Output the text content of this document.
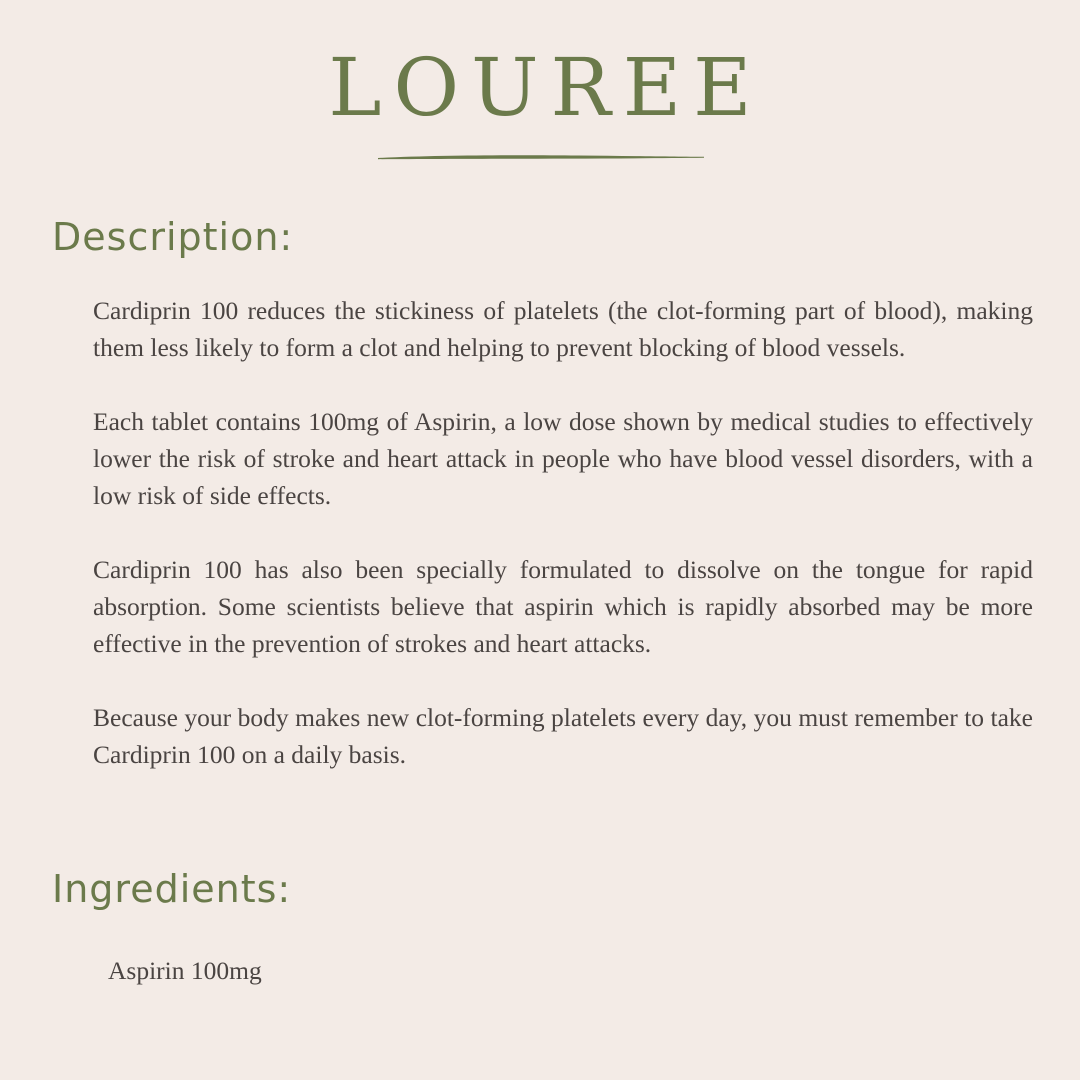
LOUREE
Description:

Cardiprin 100 reduces the stickiness of platelets (the clot-forming part of blood), making them less likely to form a clot and helping to prevent blocking of blood vessels.

Each tablet contains 100mg of Aspirin, a low dose shown by medical studies to effectively lower the risk of stroke and heart attack in people who have blood vessel disorders, with a low risk of side effects.

Cardiprin 100 has also been specially formulated to dissolve on the tongue for rapid absorption. Some scientists believe that aspirin which is rapidly absorbed may be more effective in the prevention of strokes and heart attacks.

Because your body makes new clot-forming platelets every day, you must remember to take Cardiprin 100 on a daily basis.

Ingredients:
Aspirin 100mg
